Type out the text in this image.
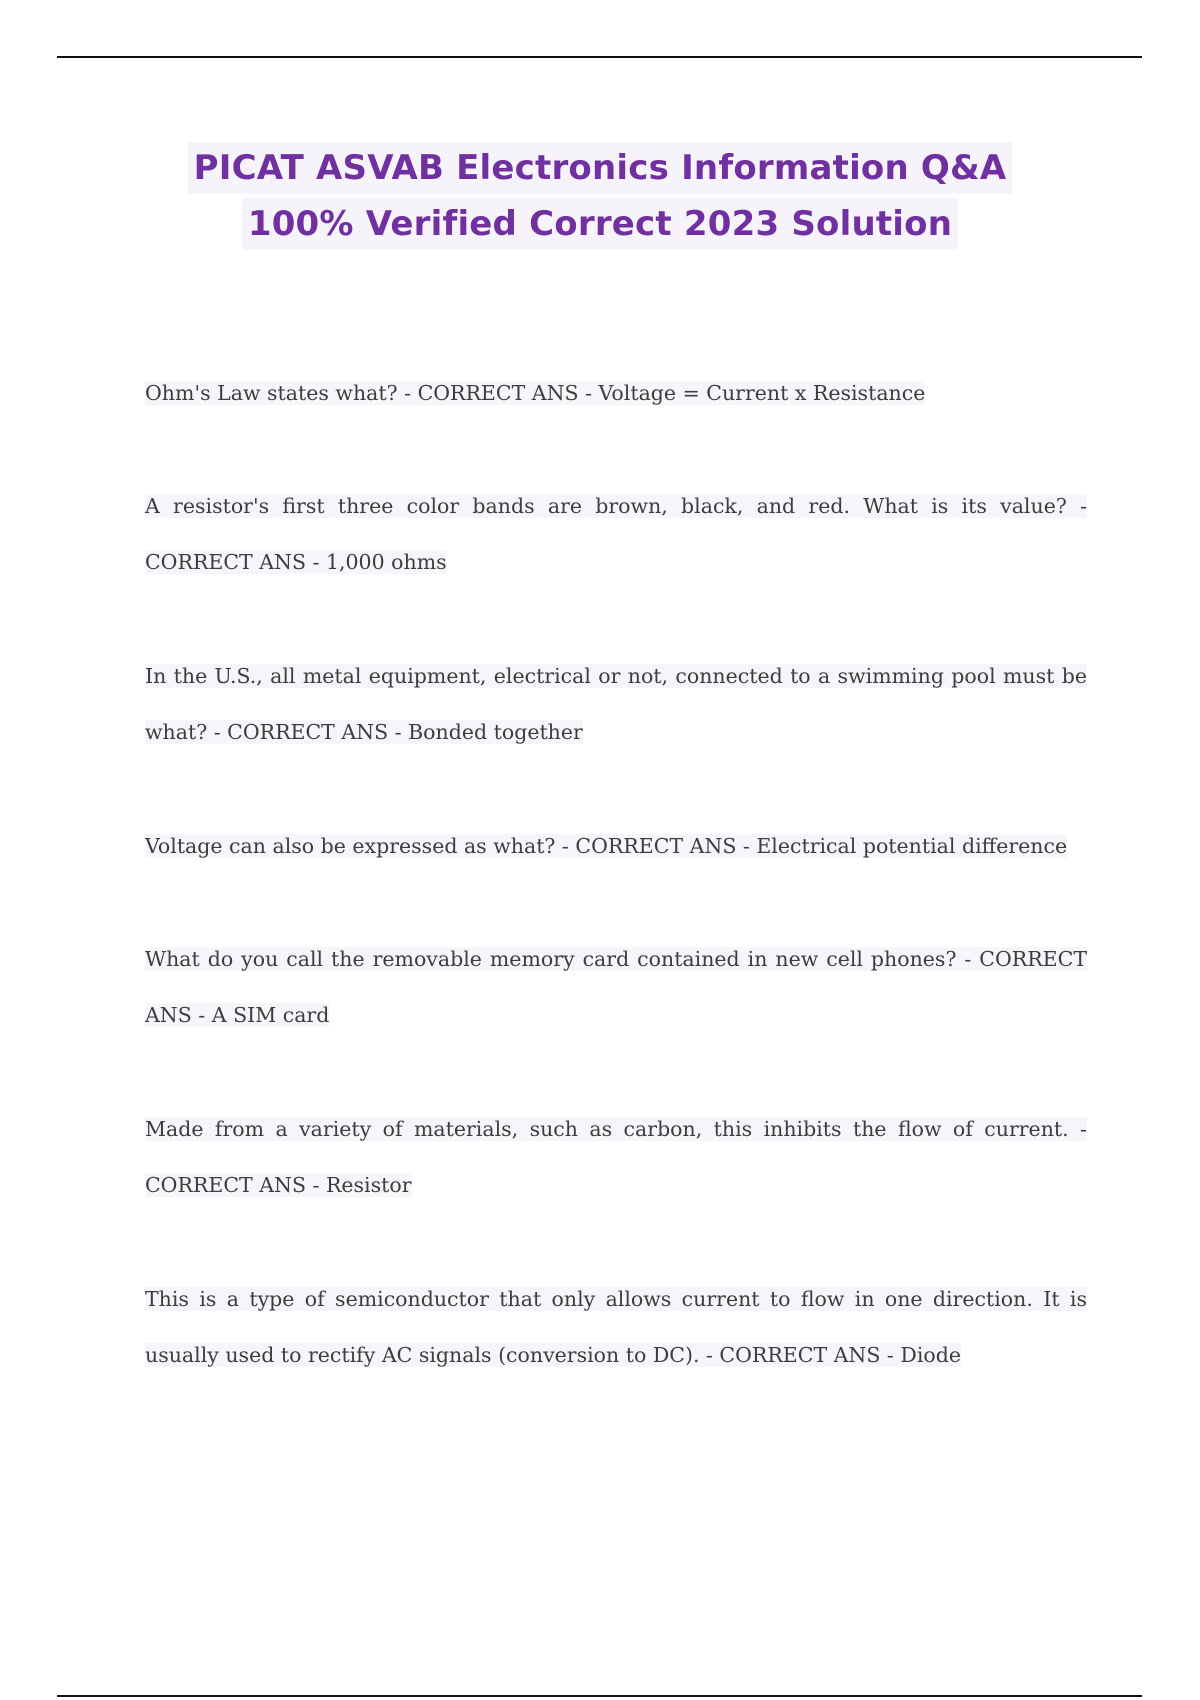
PICAT ASVAB Electronics Information Q&A
100% Verified Correct 2023 Solution
Ohm's Law states what? - CORRECT ANS - Voltage = Current x Resistance
A resistor's first three color bands are brown, black, and red. What is its value? - CORRECT ANS - 1,000 ohms
In the U.S., all metal equipment, electrical or not, connected to a swimming pool must be what? - CORRECT ANS - Bonded together
Voltage can also be expressed as what? - CORRECT ANS - Electrical potential difference
What do you call the removable memory card contained in new cell phones? - CORRECT ANS - A SIM card
Made from a variety of materials, such as carbon, this inhibits the flow of current. - CORRECT ANS - Resistor
This is a type of semiconductor that only allows current to flow in one direction. It is usually used to rectify AC signals (conversion to DC). - CORRECT ANS - Diode
